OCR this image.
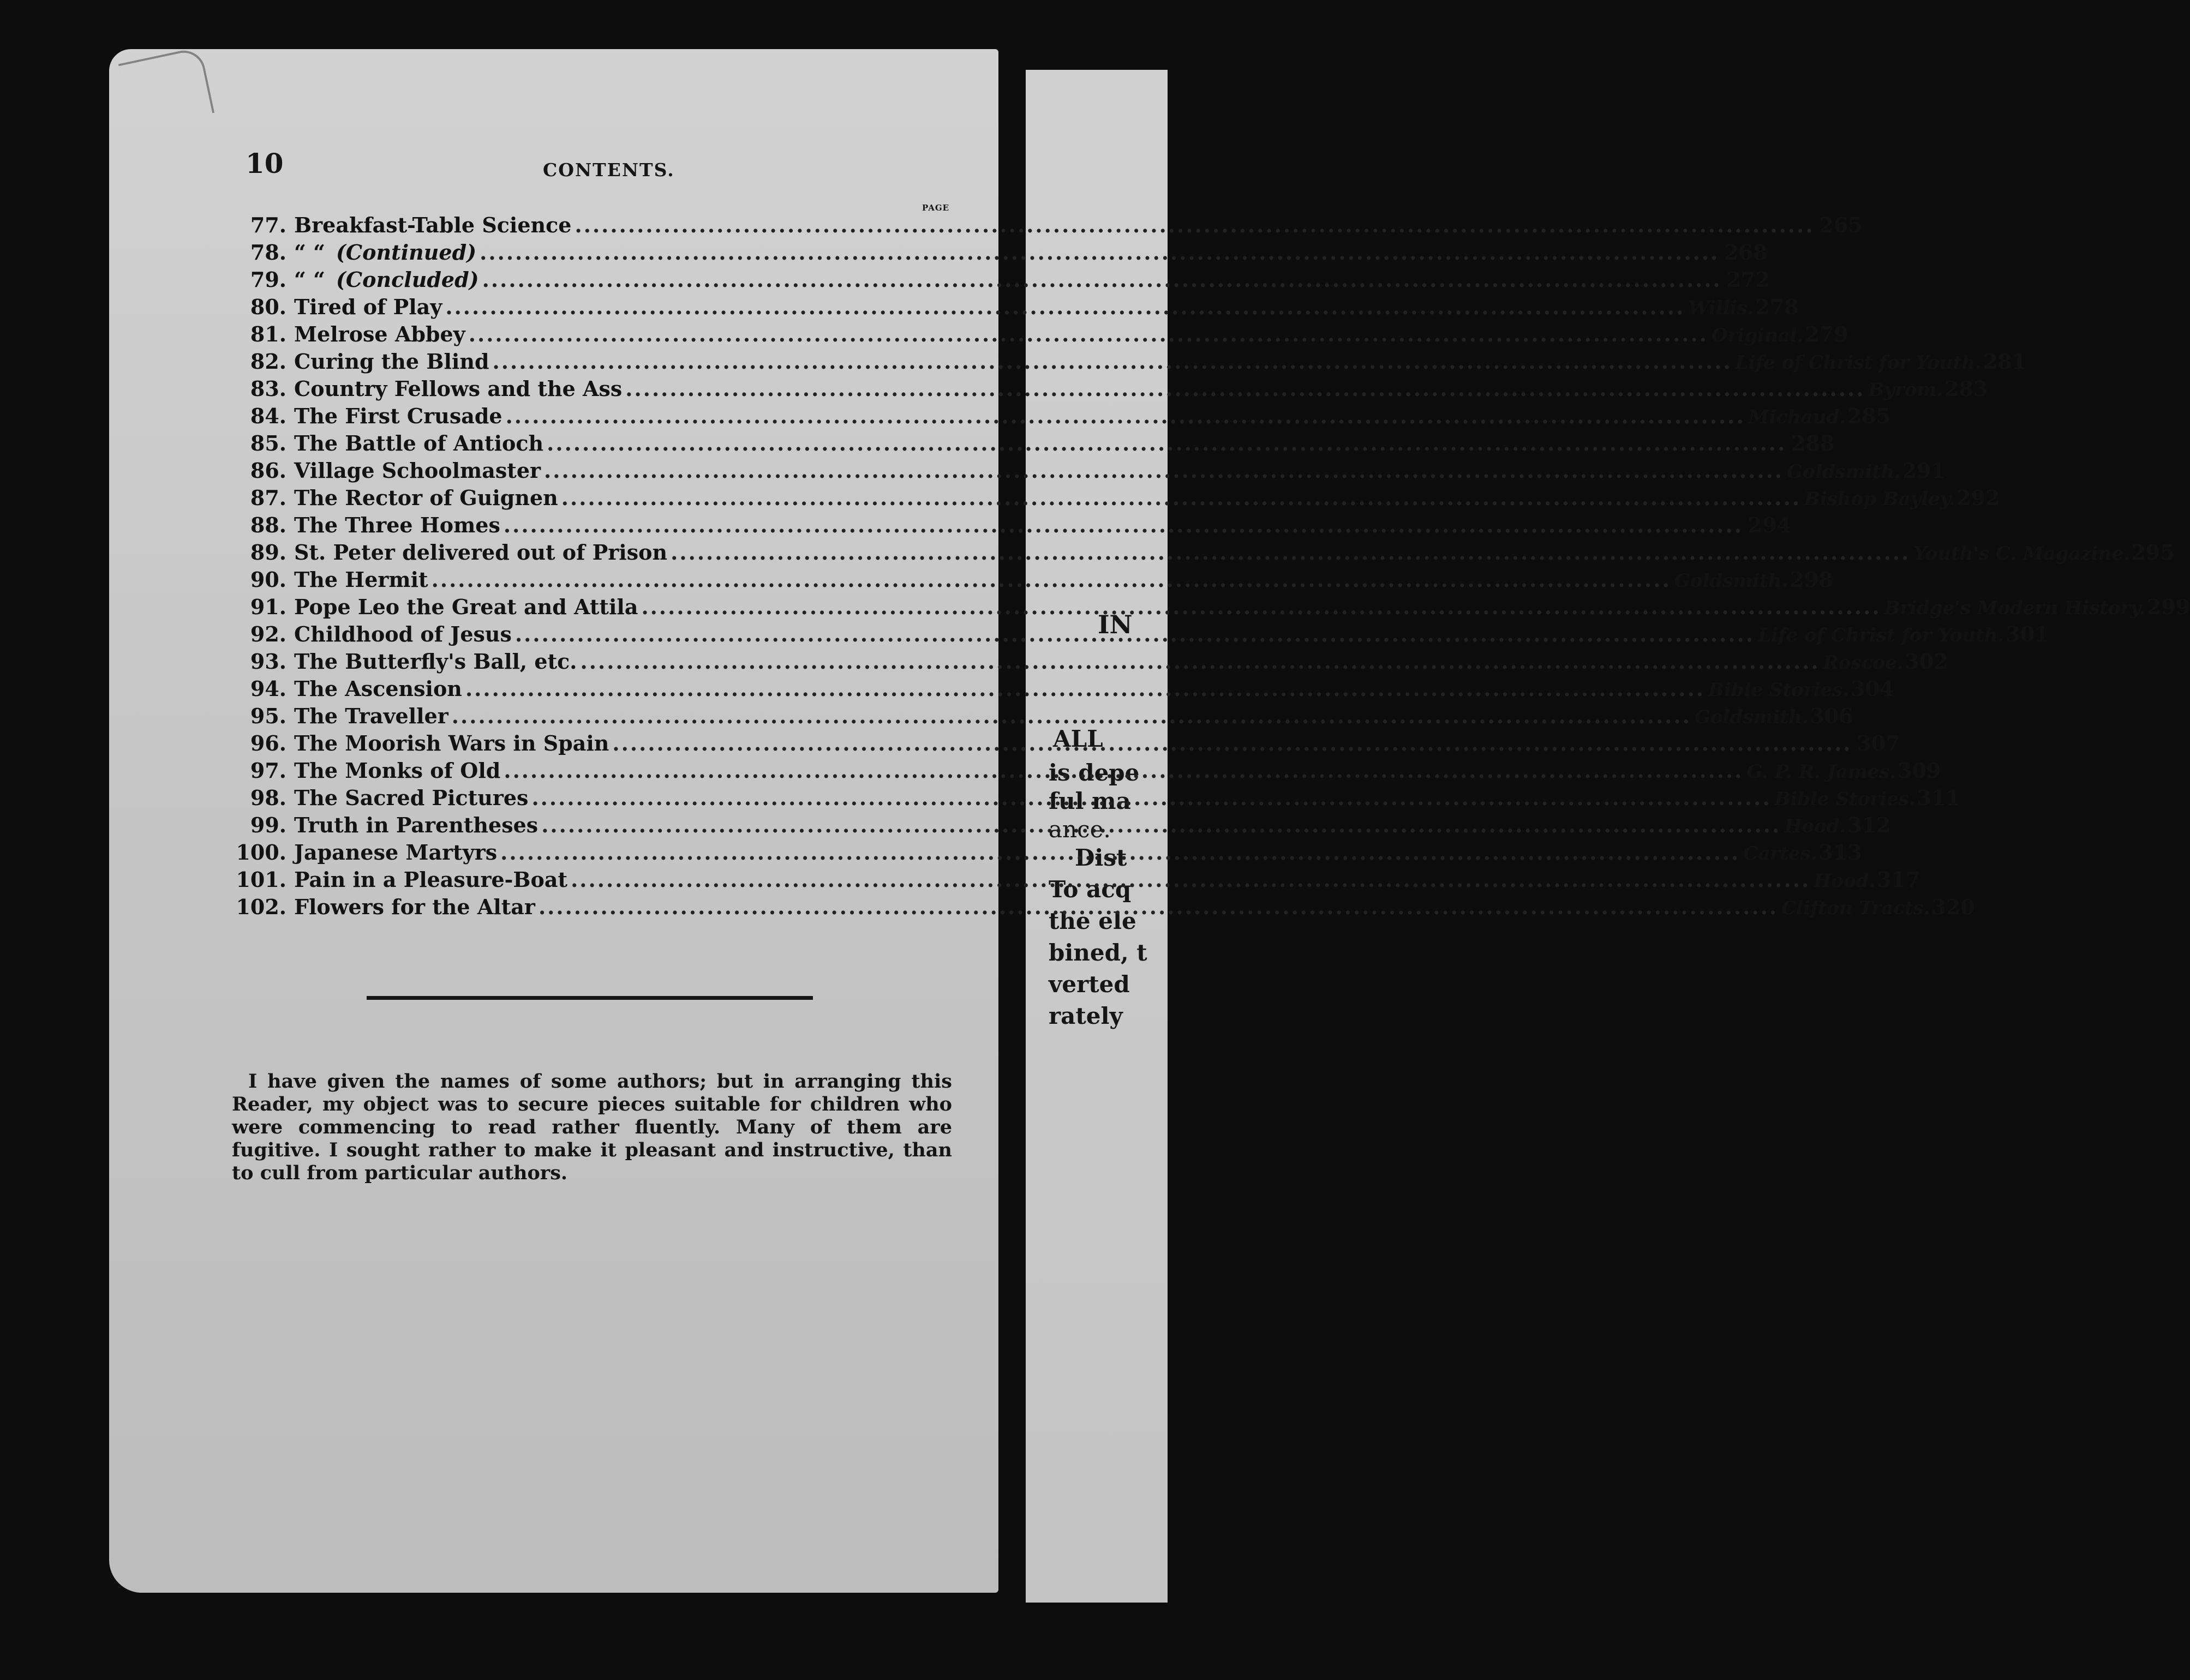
IN
ALL
is depe
ful ma
ance.
Dist
To acq
the ele
bined, t
verted
rately
10	CONTENTS.
PAGE
77. Breakfast-Table Science .....	265
78. “ “ (Continued) .....	268
79. “ “ (Concluded) .....	272
80. Tired of Play .....	Willis. 278
81. Melrose Abbey .....	Original. 279
82. Curing the Blind .....	Life of Christ for Youth. 281
83. Country Fellows and the Ass .....	Byrom. 283
84. The First Crusade .....	Michaud. 285
85. The Battle of Antioch .....	288
86. Village Schoolmaster .....	Goldsmith. 291
87. The Rector of Guignen .....	Bishop Bayley. 292
88. The Three Homes .....	294
89. St. Peter delivered out of Prison .....	Youth's C. Magazine. 295
90. The Hermit .....	Goldsmith. 298
91. Pope Leo the Great and Attila .....	Bridge's Modern History. 299
92. Childhood of Jesus .....	Life of Christ for Youth. 301
93. The Butterfly's Ball, etc. .....	Roscoe. 302
94. The Ascension .....	Bible Stories. 304
95. The Traveller .....	Goldsmith. 306
96. The Moorish Wars in Spain .....	307
97. The Monks of Old .....	G. P. R. James. 309
98. The Sacred Pictures .....	Bible Stories. 311
99. Truth in Parentheses .....	Hood. 312
100. Japanese Martyrs .....	Cartes. 313
101. Pain in a Pleasure-Boat .....	Hood. 317
102. Flowers for the Altar .....	Clifton Tracts. 320

I have given the names of some authors; but in arranging this Reader, my object was to secure pieces suitable for children who were commencing to read rather fluently. Many of them are fugitive. I sought rather to make it pleasant and instructive, than to cull from particular authors.
